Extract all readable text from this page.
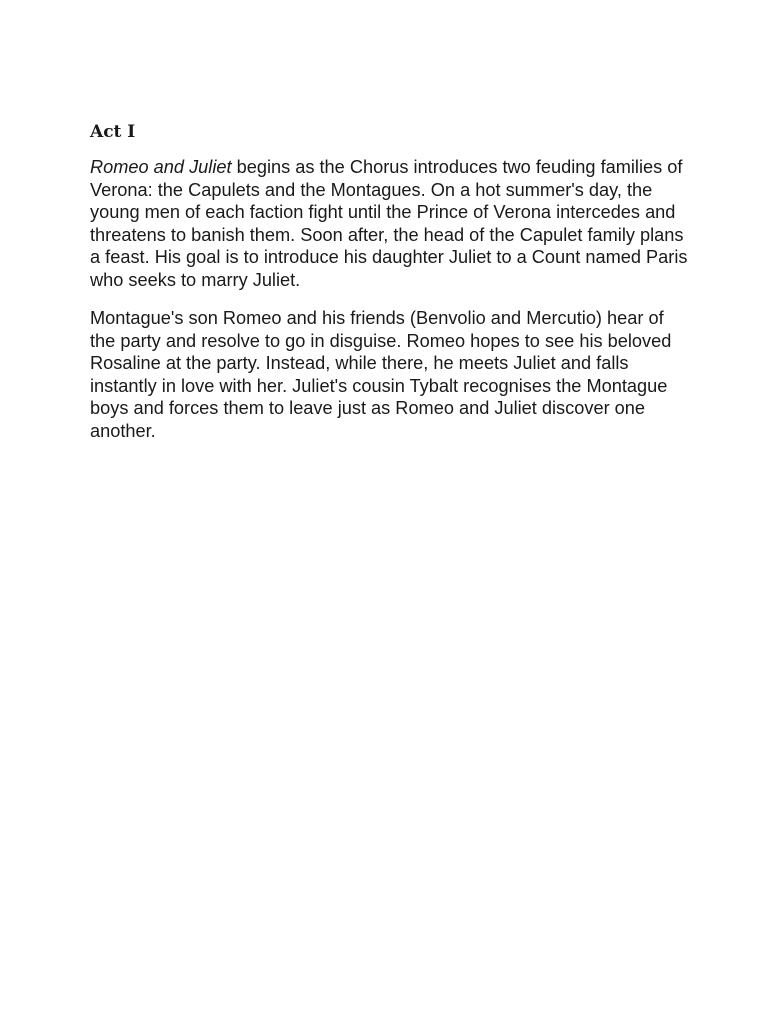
Act I

Romeo and Juliet begins as the Chorus introduces two feuding families of Verona: the Capulets and the Montagues. On a hot summer's day, the young men of each faction fight until the Prince of Verona intercedes and threatens to banish them. Soon after, the head of the Capulet family plans a feast. His goal is to introduce his daughter Juliet to a Count named Paris who seeks to marry Juliet.

Montague's son Romeo and his friends (Benvolio and Mercutio) hear of the party and resolve to go in disguise. Romeo hopes to see his beloved Rosaline at the party. Instead, while there, he meets Juliet and falls instantly in love with her. Juliet's cousin Tybalt recognises the Montague boys and forces them to leave just as Romeo and Juliet discover one another.
